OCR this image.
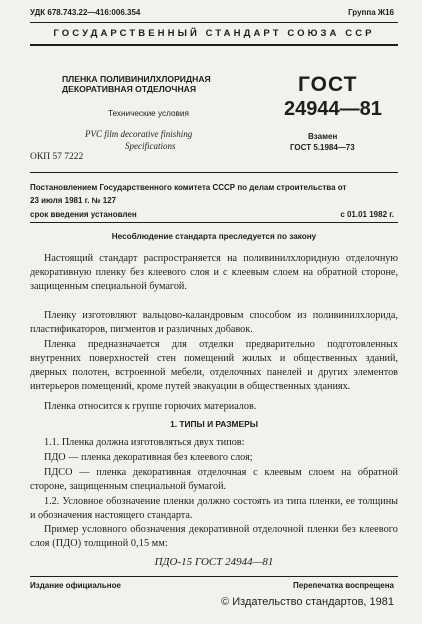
УДК 678.743.22—416:006.354	Группа Ж16
ГОСУДАРСТВЕННЫЙ СТАНДАРТ СОЮЗА ССР
ПЛЕНКА ПОЛИВИНИЛХЛОРИДНАЯ
ДЕКОРАТИВНАЯ ОТДЕЛОЧНАЯ
Технические условия
PVC film decorative finishing
Specifications
ОКП 57 7222
ГОСТ
24944—81
Взамен
ГОСТ 5.1984—73
Постановлением Государственного комитета СССР по делам строительства от
23 июля 1981 г. № 127
срок введения установлен	с 01.01 1982 г.
Несоблюдение стандарта преследуется по закону
Настоящий стандарт распространяется на поливинилхлоридную отделочную декоративную пленку без клеевого слоя и с клеевым слоем на обратной стороне, защищенным специальной бумагой.
Пленку изготовляют вальцово-каландровым способом из поливинилхлорида, пластификаторов, пигментов и различных добавок.
Пленка предназначается для отделки предварительно подготовленных внутренних поверхностей стен помещений жилых и общественных зданий, дверных полотен, встроенной мебели, отделочных панелей и других элементов интерьеров помещений, кроме путей эвакуации в общественных зданиях.
Пленка относится к группе горючих материалов.
1. ТИПЫ И РАЗМЕРЫ
1.1. Пленка должна изготовляться двух типов:
ПДО — пленка декоративная без клеевого слоя;
ПДСО — пленка декоративная отделочная с клеевым слоем на обратной стороне, защищенным специальной бумагой.
1.2. Условное обозначение пленки должно состоять из типа пленки, ее толщины и обозначения настоящего стандарта.
Пример условного обозначения декоративной отделочной пленки без клеевого слоя (ПДО) толщиной 0,15 мм:
ПДО-15 ГОСТ 24944—81
Издание официальное	Перепечатка воспрещена
© Издательство стандартов, 1981
